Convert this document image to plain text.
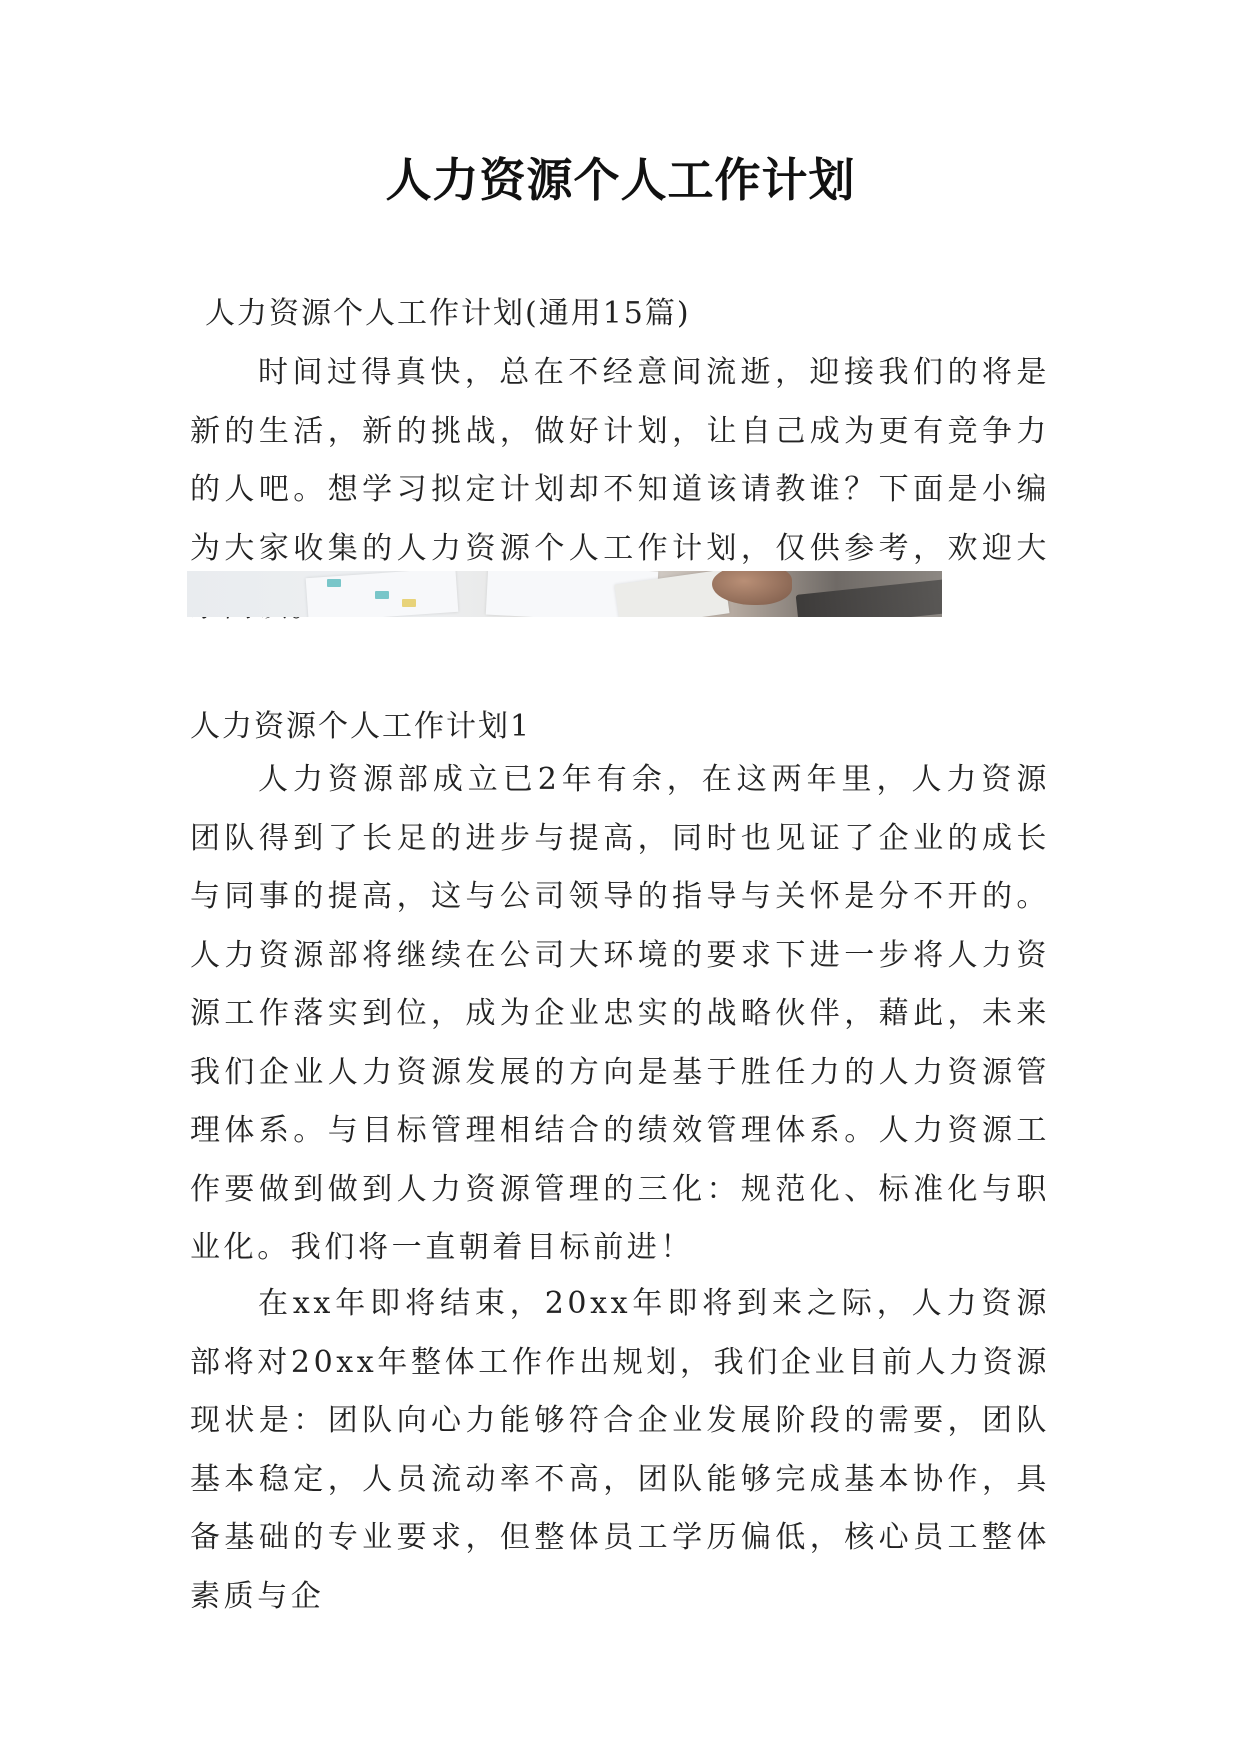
人力资源个人工作计划
人力资源个人工作计划(通用15篇)

时间过得真快，总在不经意间流逝，迎接我们的将是新的生活，新的挑战，做好计划，让自己成为更有竞争力的人吧。想学习拟定计划却不知道该请教谁？下面是小编为大家收集的人力资源个人工作计划，仅供参考，欢迎大

人力资源个人工作计划1

人力资源部成立已2年有余，在这两年里，人力资源团队得到了长足的进步与提高，同时也见证了企业的成长与同事的提高，这与公司领导的指导与关怀是分不开的。人力资源部将继续在公司大环境的要求下进一步将人力资源工作落实到位，成为企业忠实的战略伙伴，藉此，未来我们企业人力资源发展的方向是基于胜任力的人力资源管理体系。与目标管理相结合的绩效管理体系。人力资源工作要做到做到人力资源管理的三化：规范化、标准化与职业化。我们将一直朝着目标前进！

在xx年即将结束，20xx年即将到来之际，人力资源部将对20xx年整体工作作出规划，我们企业目前人力资源现状是：团队向心力能够符合企业发展阶段的需要，团队基本稳定，人员流动率不高，团队能够完成基本协作，具备基础的专业要求，但整体员工学历偏低，核心员工整体素质与企
